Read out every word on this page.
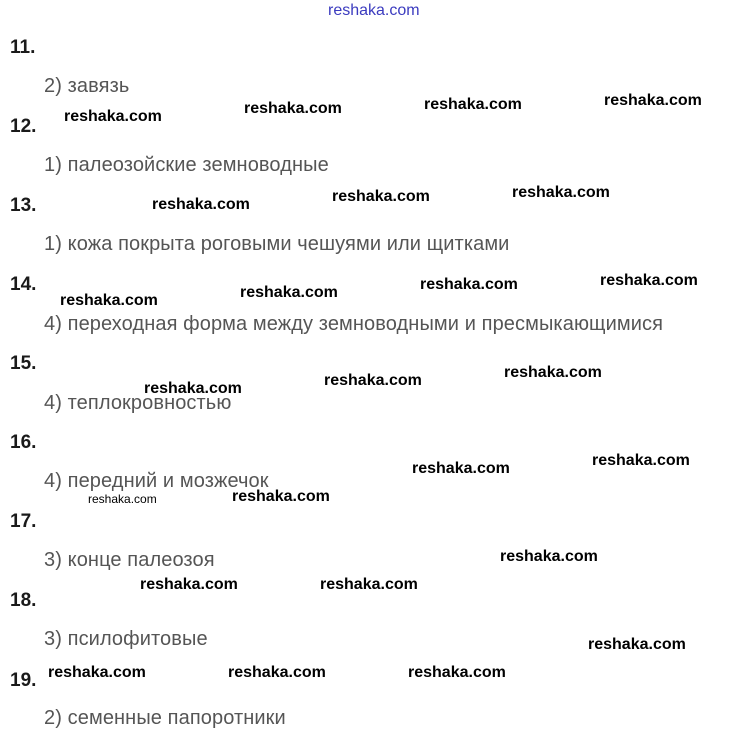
reshaka.com
11.
2) завязь
12.
1) палеозойские земноводные
13.
1) кожа покрыта роговыми чешуями или щитками
14.
4) переходная форма между земноводными и пресмыкающимися
15.
4) теплокровностью
16.
4) передний и мозжечок
17.
3) конце палеозоя
18.
3) псилофитовые
19.
2) семенные папоротники
reshaka.com	reshaka.com	reshaka.com	reshaka.com
reshaka.com	reshaka.com	reshaka.com
reshaka.com	reshaka.com	reshaka.com	reshaka.com
reshaka.com	reshaka.com	reshaka.com
reshaka.com	reshaka.com
reshaka.com	reshaka.com
reshaka.com
reshaka.com	reshaka.com
reshaka.com
reshaka.com	reshaka.com	reshaka.com
